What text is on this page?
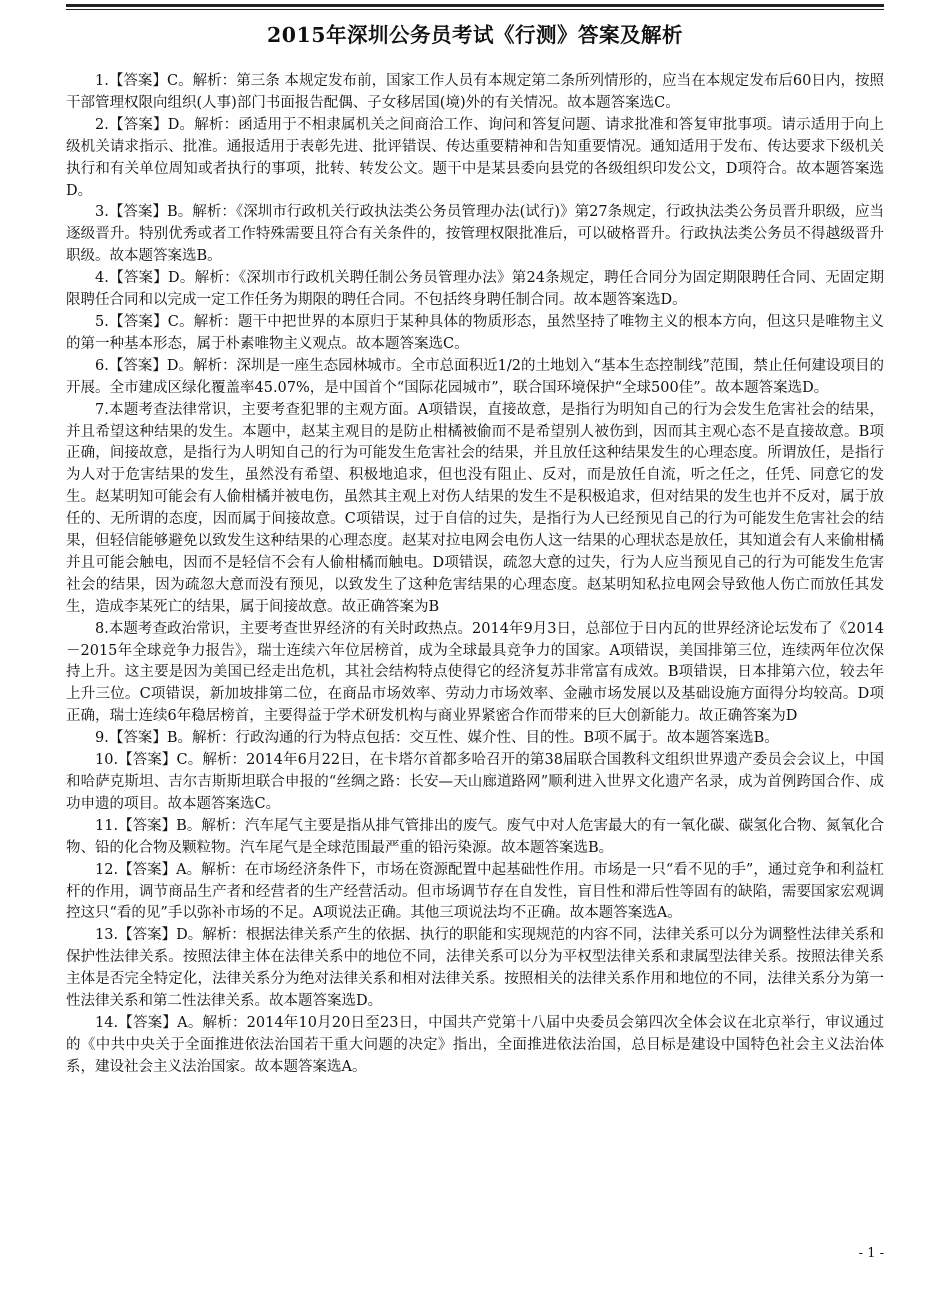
2015年深圳公务员考试《行测》答案及解析

1.【答案】C。解析：第三条 本规定发布前，国家工作人员有本规定第二条所列情形的，应当在本规定发布后60日内，按照干部管理权限向组织(人事)部门书面报告配偶、子女移居国(境)外的有关情况。故本题答案选C。

2.【答案】D。解析：函适用于不相隶属机关之间商洽工作、询问和答复问题、请求批准和答复审批事项。请示适用于向上级机关请求指示、批准。通报适用于表彰先进、批评错误、传达重要精神和告知重要情况。通知适用于发布、传达要求下级机关执行和有关单位周知或者执行的事项，批转、转发公文。题干中是某县委向县党的各级组织印发公文，D项符合。故本题答案选D。

3.【答案】B。解析：《深圳市行政机关行政执法类公务员管理办法(试行)》第27条规定，行政执法类公务员晋升职级，应当逐级晋升。特别优秀或者工作特殊需要且符合有关条件的，按管理权限批准后，可以破格晋升。行政执法类公务员不得越级晋升职级。故本题答案选B。

4.【答案】D。解析：《深圳市行政机关聘任制公务员管理办法》第24条规定，聘任合同分为固定期限聘任合同、无固定期限聘任合同和以完成一定工作任务为期限的聘任合同。不包括终身聘任制合同。故本题答案选D。

5.【答案】C。解析：题干中把世界的本原归于某种具体的物质形态，虽然坚持了唯物主义的根本方向，但这只是唯物主义的第一种基本形态，属于朴素唯物主义观点。故本题答案选C。

6.【答案】D。解析：深圳是一座生态园林城市。全市总面积近1/2的土地划入“基本生态控制线”范围，禁止任何建设项目的开展。全市建成区绿化覆盖率45.07%，是中国首个“国际花园城市”，联合国环境保护“全球500佳”。故本题答案选D。

7.本题考查法律常识，主要考查犯罪的主观方面。A项错误，直接故意，是指行为明知自己的行为会发生危害社会的结果，并且希望这种结果的发生。本题中，赵某主观目的是防止柑橘被偷而不是希望别人被伤到，因而其主观心态不是直接故意。B项正确，间接故意，是指行为人明知自己的行为可能发生危害社会的结果，并且放任这种结果发生的心理态度。所谓放任，是指行为人对于危害结果的发生，虽然没有希望、积极地追求，但也没有阻止、反对，而是放任自流，听之任之，任凭、同意它的发生。赵某明知可能会有人偷柑橘并被电伤，虽然其主观上对伤人结果的发生不是积极追求，但对结果的发生也并不反对，属于放任的、无所谓的态度，因而属于间接故意。C项错误，过于自信的过失，是指行为人已经预见自己的行为可能发生危害社会的结果，但轻信能够避免以致发生这种结果的心理态度。赵某对拉电网会电伤人这一结果的心理状态是放任，其知道会有人来偷柑橘并且可能会触电，因而不是轻信不会有人偷柑橘而触电。D项错误，疏忽大意的过失，行为人应当预见自己的行为可能发生危害社会的结果，因为疏忽大意而没有预见，以致发生了这种危害结果的心理态度。赵某明知私拉电网会导致他人伤亡而放任其发生，造成李某死亡的结果，属于间接故意。故正确答案为B

8.本题考查政治常识，主要考查世界经济的有关时政热点。2014年9月3日，总部位于日内瓦的世界经济论坛发布了《2014－2015年全球竞争力报告》，瑞士连续六年位居榜首，成为全球最具竞争力的国家。A项错误，美国排第三位，连续两年位次保持上升。这主要是因为美国已经走出危机，其社会结构特点使得它的经济复苏非常富有成效。B项错误，日本排第六位，较去年上升三位。C项错误，新加坡排第二位，在商品市场效率、劳动力市场效率、金融市场发展以及基础设施方面得分均较高。D项正确，瑞士连续6年稳居榜首，主要得益于学术研发机构与商业界紧密合作而带来的巨大创新能力。故正确答案为D

9.【答案】B。解析：行政沟通的行为特点包括：交互性、媒介性、目的性。B项不属于。故本题答案选B。

10.【答案】C。解析：2014年6月22日，在卡塔尔首都多哈召开的第38届联合国教科文组织世界遗产委员会会议上，中国和哈萨克斯坦、吉尔吉斯斯坦联合申报的“丝绸之路：长安—天山廊道路网”顺利进入世界文化遗产名录，成为首例跨国合作、成功申遗的项目。故本题答案选C。

11.【答案】B。解析：汽车尾气主要是指从排气管排出的废气。废气中对人危害最大的有一氧化碳、碳氢化合物、氮氧化合物、铅的化合物及颗粒物。汽车尾气是全球范围最严重的铅污染源。故本题答案选B。

12.【答案】A。解析：在市场经济条件下，市场在资源配置中起基础性作用。市场是一只“看不见的手”，通过竞争和利益杠杆的作用，调节商品生产者和经营者的生产经营活动。但市场调节存在自发性，盲目性和滞后性等固有的缺陷，需要国家宏观调控这只“看的见”手以弥补市场的不足。A项说法正确。其他三项说法均不正确。故本题答案选A。

13.【答案】D。解析：根据法律关系产生的依据、执行的职能和实现规范的内容不同，法律关系可以分为调整性法律关系和保护性法律关系。按照法律主体在法律关系中的地位不同，法律关系可以分为平权型法律关系和隶属型法律关系。按照法律关系主体是否完全特定化，法律关系分为绝对法律关系和相对法律关系。按照相关的法律关系作用和地位的不同，法律关系分为第一性法律关系和第二性法律关系。故本题答案选D。

14.【答案】A。解析：2014年10月20日至23日，中国共产党第十八届中央委员会第四次全体会议在北京举行，审议通过的《中共中央关于全面推进依法治国若干重大问题的决定》指出，全面推进依法治国，总目标是建设中国特色社会主义法治体系，建设社会主义法治国家。故本题答案选A。

- 1 -
